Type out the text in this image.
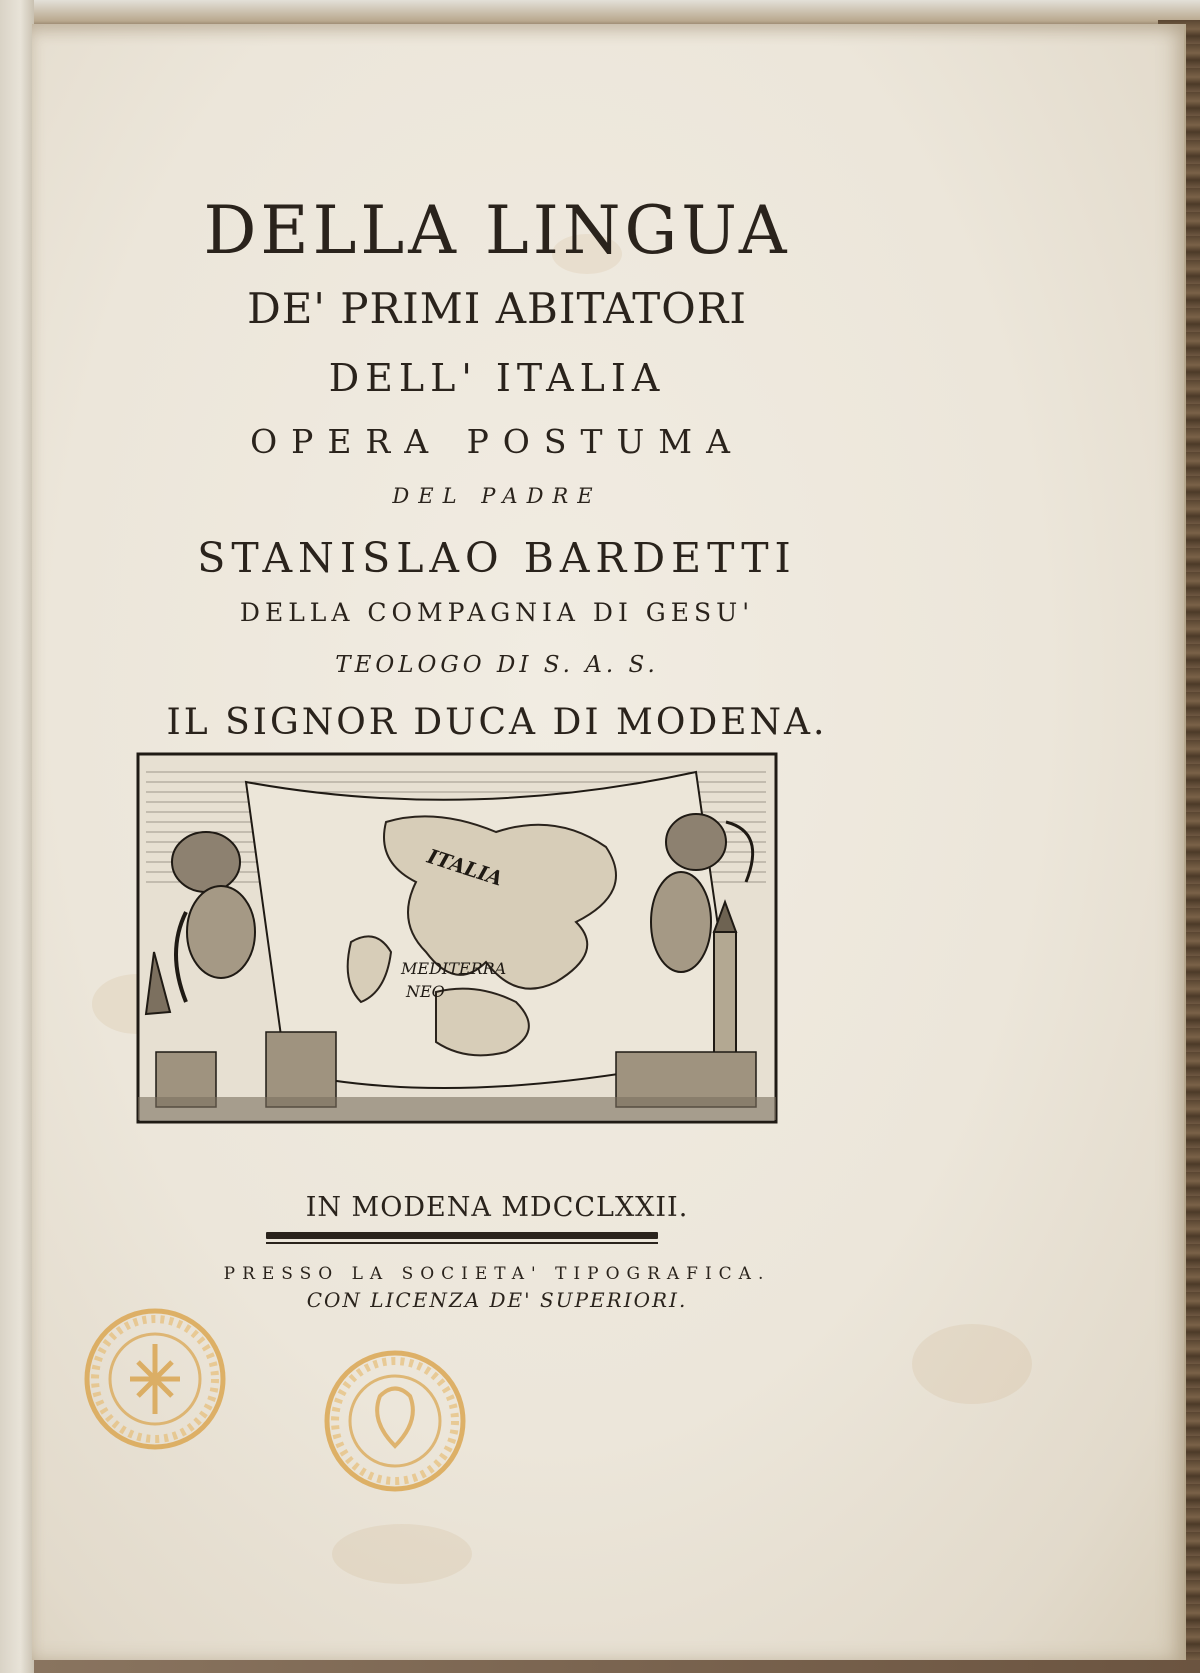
DELLA LINGUA

DE' PRIMI ABITATORI

DELL' ITALIA

OPERA POSTUMA

DEL PADRE

STANISLAO BARDETTI

DELLA COMPAGNIA DI GESU'

TEOLOGO DI S. A. S.

IL SIGNOR DUCA DI MODENA.

IN MODENA MDCCLXXII.

PRESSO LA SOCIETA' TIPOGRAFICA.

CON LICENZA DE' SUPERIORI.

ITALIA
MEDITERRA
NEO
